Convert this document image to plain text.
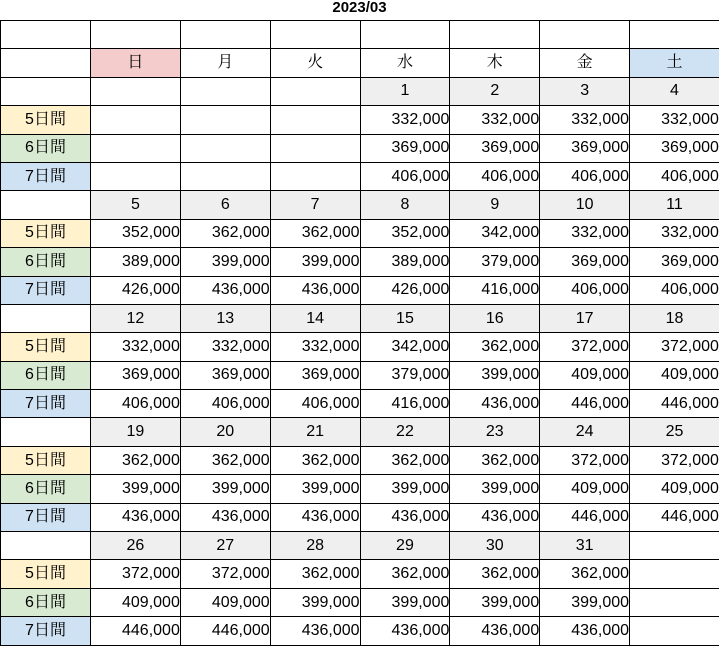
2023/03

	日	月	火	水	木	金	土
				1	2	3	4
5日間				332,000	332,000	332,000	332,000
6日間				369,000	369,000	369,000	369,000
7日間				406,000	406,000	406,000	406,000
	5	6	7	8	9	10	11
5日間	352,000	362,000	362,000	352,000	342,000	332,000	332,000
6日間	389,000	399,000	399,000	389,000	379,000	369,000	369,000
7日間	426,000	436,000	436,000	426,000	416,000	406,000	406,000
	12	13	14	15	16	17	18
5日間	332,000	332,000	332,000	342,000	362,000	372,000	372,000
6日間	369,000	369,000	369,000	379,000	399,000	409,000	409,000
7日間	406,000	406,000	406,000	416,000	436,000	446,000	446,000
	19	20	21	22	23	24	25
5日間	362,000	362,000	362,000	362,000	362,000	372,000	372,000
6日間	399,000	399,000	399,000	399,000	399,000	409,000	409,000
7日間	436,000	436,000	436,000	436,000	436,000	446,000	446,000
	26	27	28	29	30	31	
5日間	372,000	372,000	362,000	362,000	362,000	362,000	
6日間	409,000	409,000	399,000	399,000	399,000	399,000	
7日間	446,000	446,000	436,000	436,000	436,000	436,000	
